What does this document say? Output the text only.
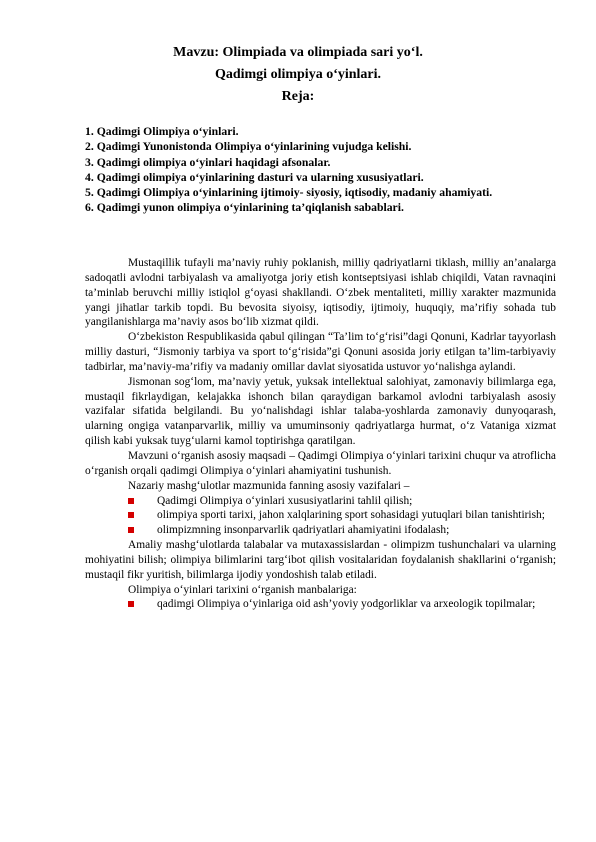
Mavzu: Olimpiada va olimpiada sari yo‘l.
Qadimgi olimpiya o‘yinlari.
Reja:
1. Qadimgi Olimpiya o‘yinlari.
2. Qadimgi Yunonistonda Olimpiya o‘yinlarining vujudga kelishi.
3. Qadimgi olimpiya o‘yinlari haqidagi afsonalar.
4. Qadimgi olimpiya o‘yinlarining dasturi va ularning xususiyatlari.
5. Qadimgi Olimpiya o‘yinlarining ijtimoiy- siyosiy, iqtisodiy, madaniy ahamiyati.
6. Qadimgi yunon olimpiya o‘yinlarining ta’qiqlanish sabablari.

Mustaqillik tufayli ma’naviy ruhiy poklanish, milliy qadriyatlarni tiklash, milliy an’analarga sadoqatli avlodni tarbiyalash va amaliyotga joriy etish kontseptsiyasi ishlab chiqildi, Vatan ravnaqini ta’minlab beruvchi milliy istiqlol g‘oyasi shakllandi. O‘zbek mentaliteti, milliy xarakter mazmunida yangi jihatlar tarkib topdi. Bu bevosita siyoisy, iqtisodiy, ijtimoiy, huquqiy, ma’rifiy sohada tub yangilanishlarga ma’naviy asos bo‘lib xizmat qildi.

O‘zbekiston Respublikasida qabul qilingan “Ta’lim to‘g‘risi”dagi Qonuni, Kadrlar tayyorlash milliy dasturi, “Jismoniy tarbiya va sport to‘g‘risida”gi Qonuni asosida joriy etilgan ta’lim-tarbiyaviy tadbirlar, ma’naviy-ma’rifiy va madaniy omillar davlat siyosatida ustuvor yo‘nalishga aylandi.

Jismonan sog‘lom, ma’naviy yetuk, yuksak intellektual salohiyat, zamonaviy bilimlarga ega, mustaqil fikrlaydigan, kelajakka ishonch bilan qaraydigan barkamol avlodni tarbiyalash asosiy vazifalar sifatida belgilandi. Bu yo‘nalishdagi ishlar talaba-yoshlarda zamonaviy dunyoqarash, ularning ongiga vatanparvarlik, milliy va umuminsoniy qadriyatlarga hurmat, o‘z Vataniga xizmat qilish kabi yuksak tuyg‘ularni kamol toptirishga qaratilgan.

Mavzuni o‘rganish asosiy maqsadi – Qadimgi Olimpiya o‘yinlari tarixini chuqur va atroflicha o‘rganish orqali qadimgi Olimpiya o‘yinlari ahamiyatini tushunish.

Nazariy mashg‘ulotlar mazmunida fanning asosiy vazifalari –

Qadimgi Olimpiya o‘yinlari xususiyatlarini tahlil qilish;
olimpiya sporti tarixi, jahon xalqlarining sport sohasidagi yutuqlari bilan tanishtirish;
olimpizmning insonparvarlik qadriyatlari ahamiyatini ifodalash;

Amaliy mashg‘ulotlarda talabalar va mutaxassislardan - olimpizm tushunchalari va ularning mohiyatini bilish; olimpiya bilimlarini targ‘ibot qilish vositalaridan foydalanish shakllarini o‘rganish; mustaqil fikr yuritish, bilimlarga ijodiy yondoshish talab etiladi.

Olimpiya o‘yinlari tarixini o‘rganish manbalariga:

qadimgi Olimpiya o‘yinlariga oid ash’yoviy yodgorliklar va arxeologik topilmalar;
